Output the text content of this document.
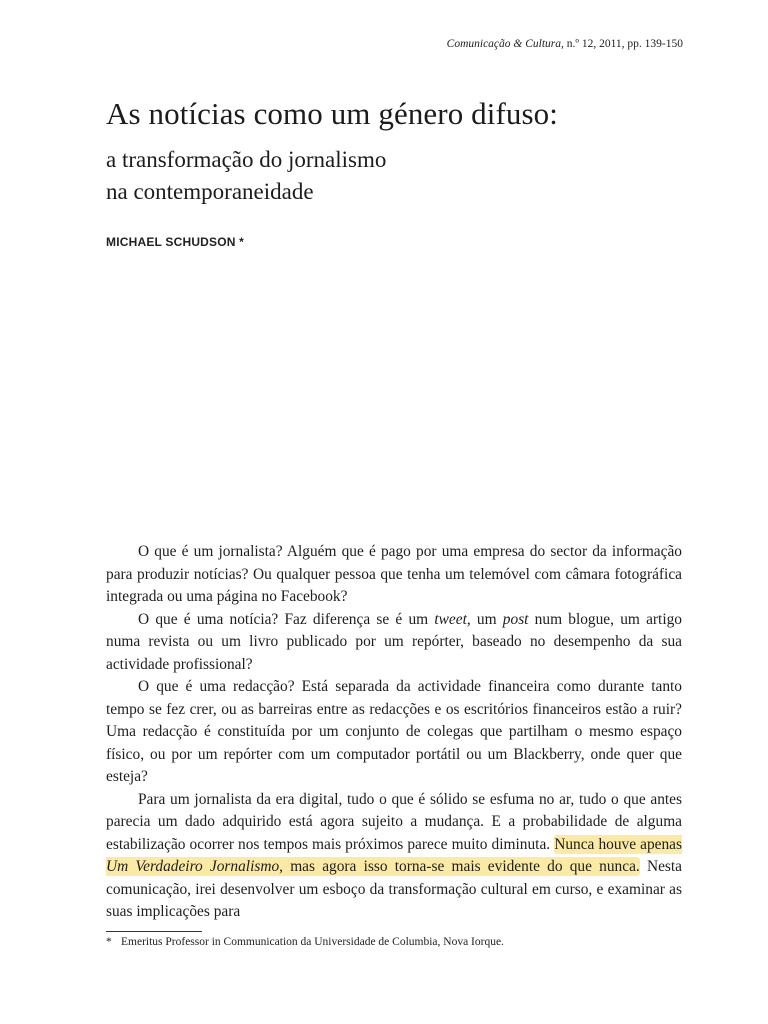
Comunicação & Cultura, n.º 12, 2011, pp. 139-150
As notícias como um género difuso:
a transformação do jornalismo
na contemporaneidade
MICHAEL SCHUDSON *

O que é um jornalista? Alguém que é pago por uma empresa do sector da informação para produzir notícias? Ou qualquer pessoa que tenha um telemóvel com câmara fotográfica integrada ou uma página no Facebook?

O que é uma notícia? Faz diferença se é um tweet, um post num blogue, um artigo numa revista ou um livro publicado por um repórter, baseado no desempenho da sua actividade profissional?

O que é uma redacção? Está separada da actividade financeira como durante tanto tempo se fez crer, ou as barreiras entre as redacções e os escritórios financeiros estão a ruir? Uma redacção é constituída por um conjunto de colegas que partilham o mesmo espaço físico, ou por um repórter com um computador portátil ou um Blackberry, onde quer que esteja?

Para um jornalista da era digital, tudo o que é sólido se esfuma no ar, tudo o que antes parecia um dado adquirido está agora sujeito a mudança. E a probabilidade de alguma estabilização ocorrer nos tempos mais próximos parece muito diminuta. Nunca houve apenas Um Verdadeiro Jornalismo, mas agora isso torna-se mais evidente do que nunca. Nesta comunicação, irei desenvolver um esboço da transformação cultural em curso, e examinar as suas implicações para

* Emeritus Professor in Communication da Universidade de Columbia, Nova Iorque.
